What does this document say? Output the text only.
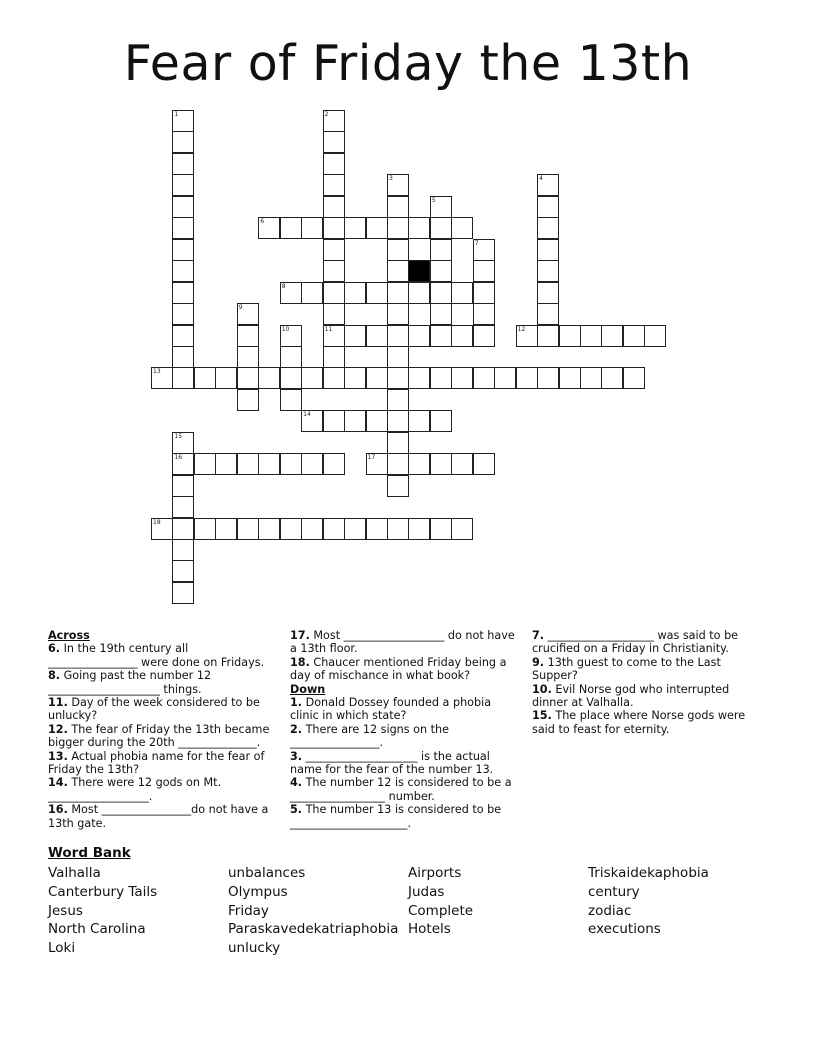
Fear of Friday the 13th
1	2
11
3	4
5
6
7
8
9
10	12
13
14
15
16	17
18
Across
6. In the 19th century all ________________ were done on Fridays.
8. Going past the number 12 ____________________ things.
11. Day of the week considered to be unlucky?
12. The fear of Friday the 13th became bigger during the 20th ______________.
13. Actual phobia name for the fear of Friday the 13th?
14. There were 12 gods on Mt. __________________.
16. Most ________________do not have a 13th gate.
17. Most __________________ do not have a 13th floor.
18. Chaucer mentioned Friday being a day of mischance in what book?
Down
1. Donald Dossey founded a phobia clinic in which state?
2. There are 12 signs on the ________________.
3. ____________________ is the actual name for the fear of the number 13.
4. The number 12 is considered to be a _________________ number.
5. The number 13 is considered to be _____________________.
7. ___________________ was said to be crucified on a Friday in Christianity.
9. 13th guest to come to the Last Supper?
10. Evil Norse god who interrupted dinner at Valhalla.
15. The place where Norse gods were said to feast for eternity.
Word Bank
Valhalla
Canterbury Tails
Jesus
North Carolina
Loki
unbalances
Olympus
Friday
Paraskavedekatriaphobia
unlucky
Airports
Judas
Complete
Hotels
Triskaidekaphobia
century
zodiac
executions
